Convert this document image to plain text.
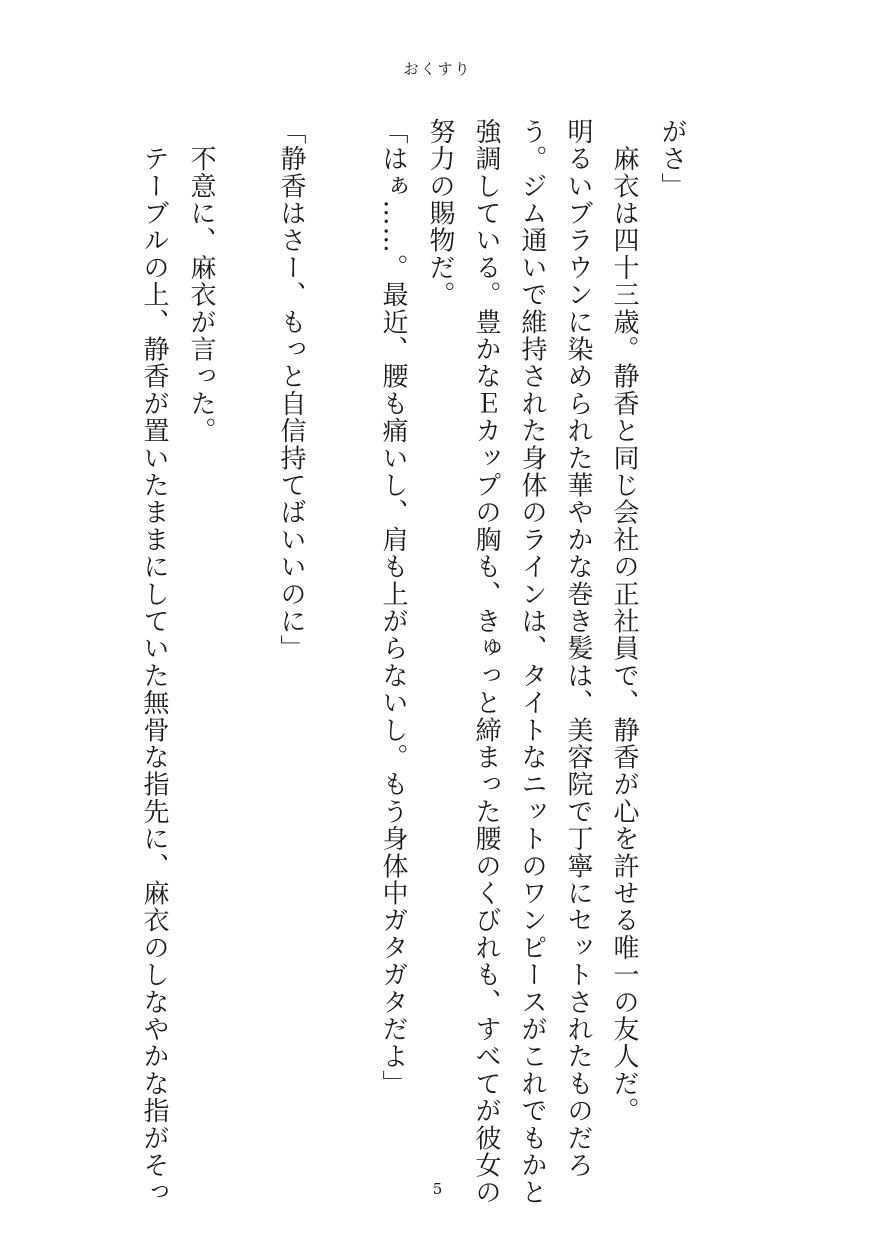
おくすり
がさ」
　麻衣は四十三歳。静香と同じ会社の正社員で、静香が心を許せる唯一の友人だ。
明るいブラウンに染められた華やかな巻き髪は、美容院で丁寧にセットされたものだろ
う。ジム通いで維持された身体のラインは、タイトなニットのワンピースがこれでもかと
強調している。豊かなＥカップの胸も、きゅっと締まった腰のくびれも、すべてが彼女の
努力の賜物だ。
「はぁ……。最近、腰も痛いし、肩も上がらないし。もう身体中ガタガタだよ」
「静香はさー、もっと自信持てばいいのに」
　不意に、麻衣が言った。
　テーブルの上、静香が置いたままにしていた無骨な指先に、麻衣のしなやかな指がそっ	5
